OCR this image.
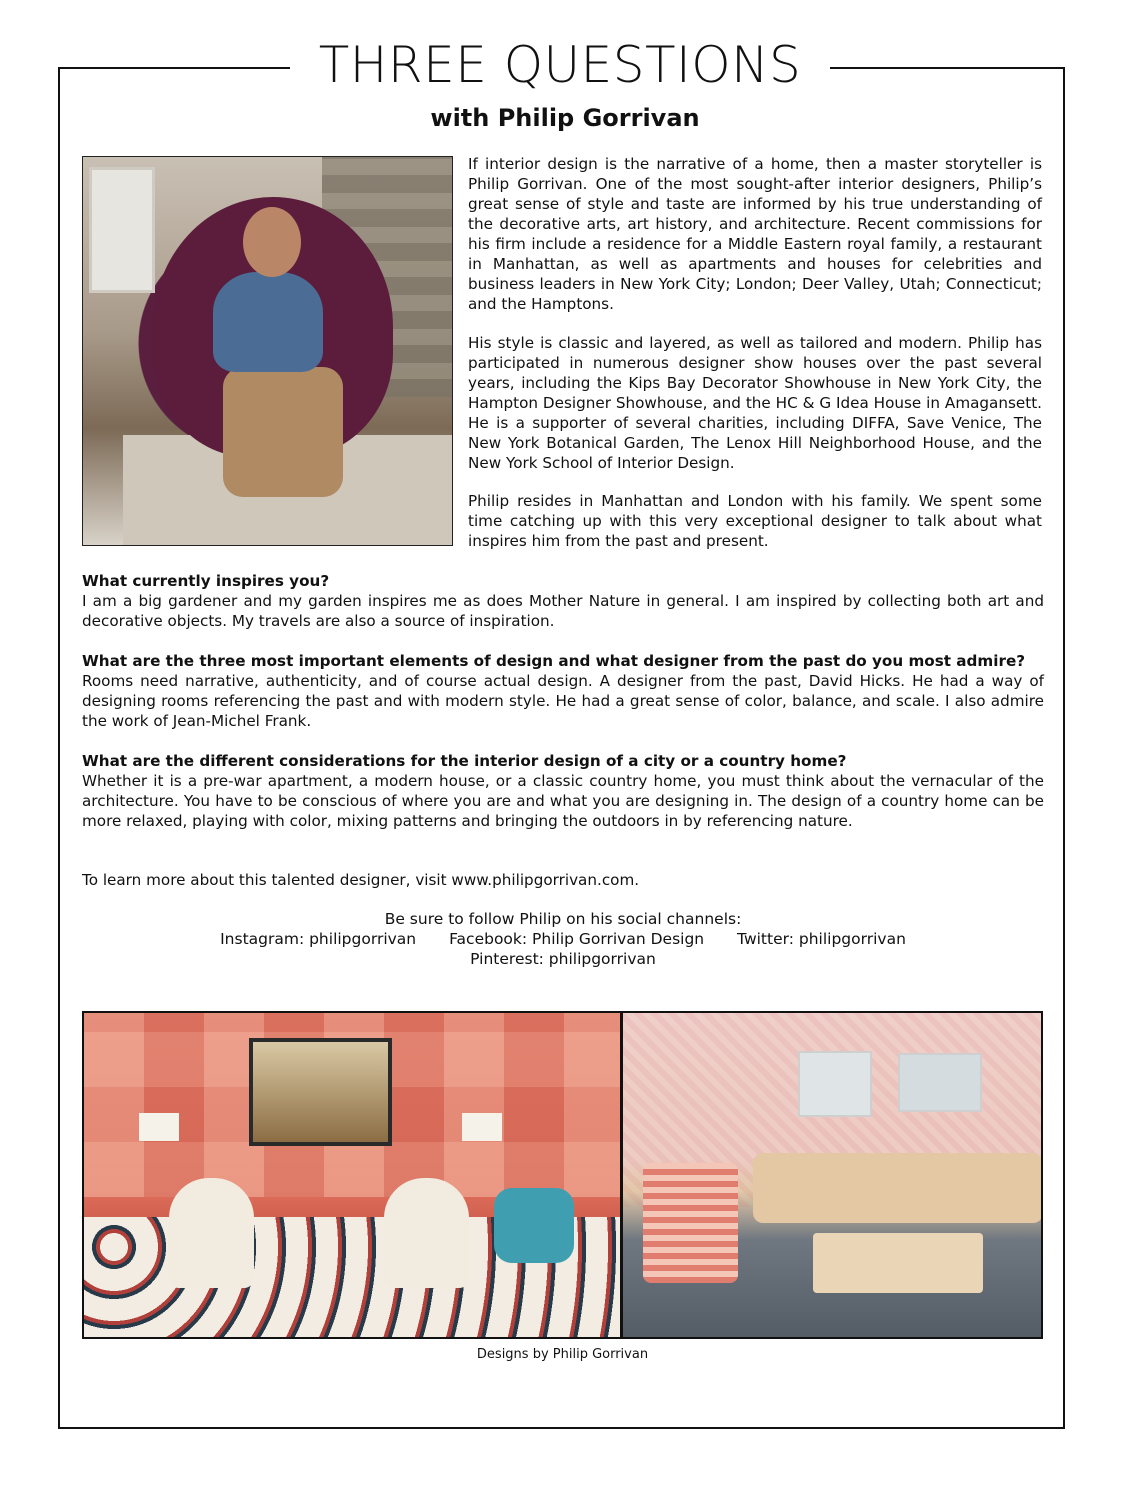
THREE QUESTIONS
with Philip Gorrivan

If interior design is the narrative of a home, then a master storyteller is Philip Gorrivan. One of the most sought-after interior designers, Philip’s great sense of style and taste are informed by his true understanding of the decorative arts, art history, and architecture. Recent commissions for his firm include a residence for a Middle Eastern royal family, a restaurant in Manhattan, as well as apartments and houses for celebrities and business leaders in New York City; London; Deer Valley, Utah; Connecticut; and the Hamptons.

His style is classic and layered, as well as tailored and modern. Philip has participated in numerous designer show houses over the past several years, including the Kips Bay Decorator Showhouse in New York City, the Hampton Designer Showhouse, and the HC & G Idea House in Amagansett. He is a supporter of several charities, including DIFFA, Save Venice, The New York Botanical Garden, The Lenox Hill Neighborhood House, and the New York School of Interior Design.

Philip resides in Manhattan and London with his family. We spent some time catching up with this very exceptional designer to talk about what inspires him from the past and present.

What currently inspires you?
I am a big gardener and my garden inspires me as does Mother Nature in general. I am inspired by collecting both art and decorative objects. My travels are also a source of inspiration.
What are the three most important elements of design and what designer from the past do you most admire?
Rooms need narrative, authenticity, and of course actual design. A designer from the past, David Hicks. He had a way of designing rooms referencing the past and with modern style. He had a great sense of color, balance, and scale. I also admire the work of Jean-Michel Frank.
What are the different considerations for the interior design of a city or a country home?
Whether it is a pre-war apartment, a modern house, or a classic country home, you must think about the vernacular of the architecture. You have to be conscious of where you are and what you are designing in. The design of a country home can be more relaxed, playing with color, mixing patterns and bringing the outdoors in by referencing nature.

To learn more about this talented designer, visit www.philipgorrivan.com.

Be sure to follow Philip on his social channels:

Instagram: philipgorrivan Facebook: Philip Gorrivan Design Twitter: philipgorrivan

Pinterest: philipgorrivan

Designs by Philip Gorrivan
